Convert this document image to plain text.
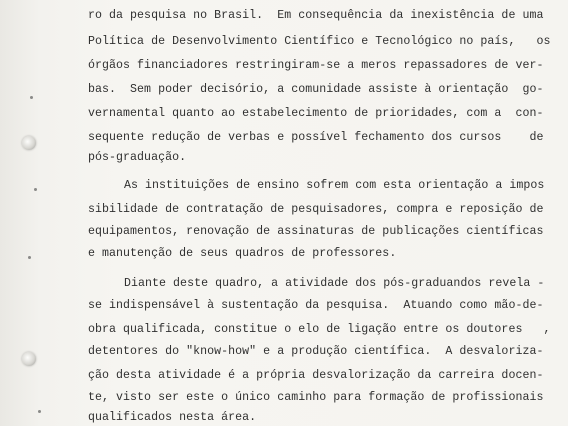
ro da pesquisa no Brasil.  Em consequência da inexistência de uma
Política de Desenvolvimento Científico e Tecnológico no país,   os
órgãos financiadores restringiram-se a meros repassadores de ver-
bas.  Sem poder decisório, a comunidade assiste à orientação  go-
vernamental quanto ao estabelecimento de prioridades, com a  con-
sequente redução de verbas e possível fechamento dos cursos    de
pós-graduação.
As instituições de ensino sofrem com esta orientação a impos
sibilidade de contratação de pesquisadores, compra e reposição de
equipamentos, renovação de assinaturas de publicações científicas
e manutenção de seus quadros de professores.
Diante deste quadro, a atividade dos pós-graduandos revela -
se indispensável à sustentação da pesquisa.  Atuando como mão-de-
obra qualificada, constitue o elo de ligação entre os doutores   ,
detentores do "know-how" e a produção científica.  A desvaloriza-
ção desta atividade é a própria desvalorização da carreira docen-
te, visto ser este o único caminho para formação de profissionais
qualificados nesta área.
